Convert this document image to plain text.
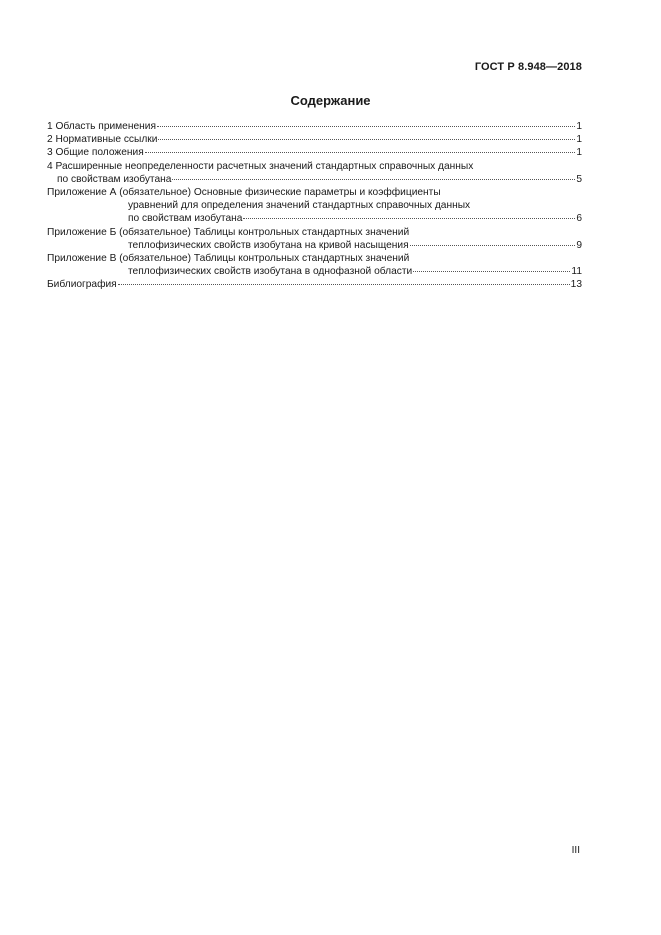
ГОСТ Р 8.948—2018
Содержание
1 Область применения	1
2 Нормативные ссылки	1
3 Общие положения	1
4 Расширенные неопределенности расчетных значений стандартных справочных данных
по свойствам изобутана	5
Приложение А (обязательное) Основные физические параметры и коэффициенты
уравнений для определения значений стандартных справочных данных
по свойствам изобутана	6
Приложение Б (обязательное) Таблицы контрольных стандартных значений
теплофизических свойств изобутана на кривой насыщения	9
Приложение В (обязательное) Таблицы контрольных стандартных значений
теплофизических свойств изобутана в однофазной области	11
Библиография	13
III
